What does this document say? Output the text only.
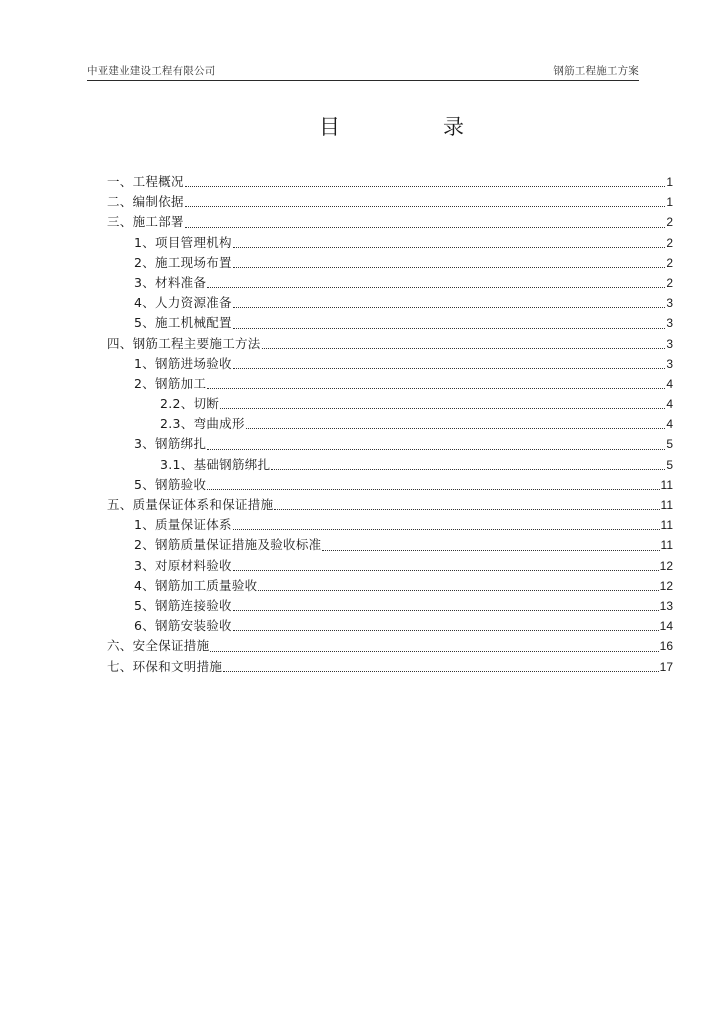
中亚建业建设工程有限公司	钢筋工程施工方案
目	录
一、工程概况	1
二、编制依据	1
三、施工部署	2
1、项目管理机构	2
2、施工现场布置	2
3、材料准备	2
4、人力资源准备	3
5、施工机械配置	3
四、钢筋工程主要施工方法	3
1、钢筋进场验收	3
2、钢筋加工	4
2.2、切断	4
2.3、弯曲成形	4
3、钢筋绑扎	5
3.1、基础钢筋绑扎	5
5、钢筋验收	11
五、质量保证体系和保证措施	11
1、质量保证体系	11
2、钢筋质量保证措施及验收标准	11
3、对原材料验收	12
4、钢筋加工质量验收	12
5、钢筋连接验收	13
6、钢筋安装验收	14
六、安全保证措施	16
七、环保和文明措施	17
